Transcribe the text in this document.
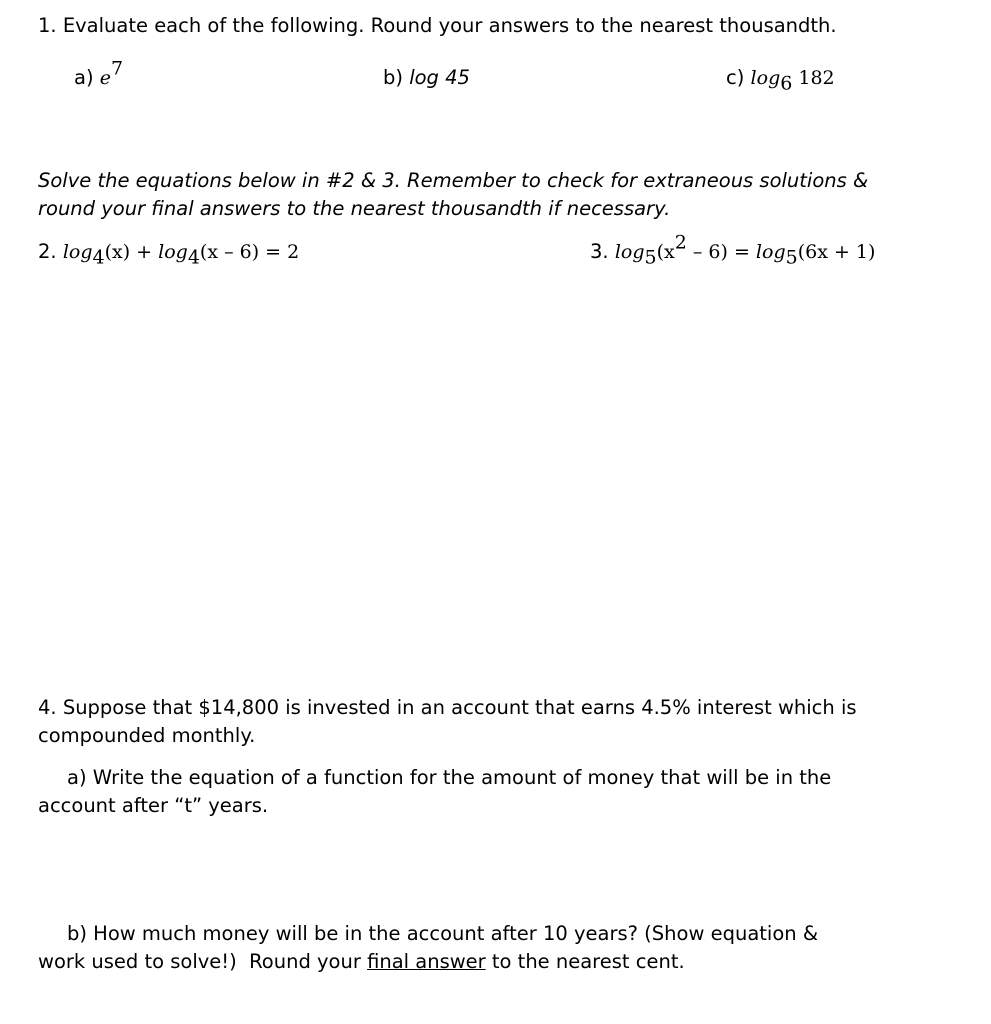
1. Evaluate each of the following. Round your answers to the nearest thousandth.
a) $e^7$	b) log 45	c) $\log_6 182$
Solve the equations below in #2 & 3. Remember to check for extraneous solutions &
round your final answers to the nearest thousandth if necessary.
2. $\log_4(x) + \log_4(x - 6) = 2$	3. $\log_5(x^2 - 6) = \log_5(6x + 1)$
4. Suppose that $14,800 is invested in an account that earns 4.5% interest which is
compounded monthly.
a) Write the equation of a function for the amount of money that will be in the
account after “t” years.
b) How much money will be in the account after 10 years? (Show equation &
work used to solve!)  Round your final answer to the nearest cent.
